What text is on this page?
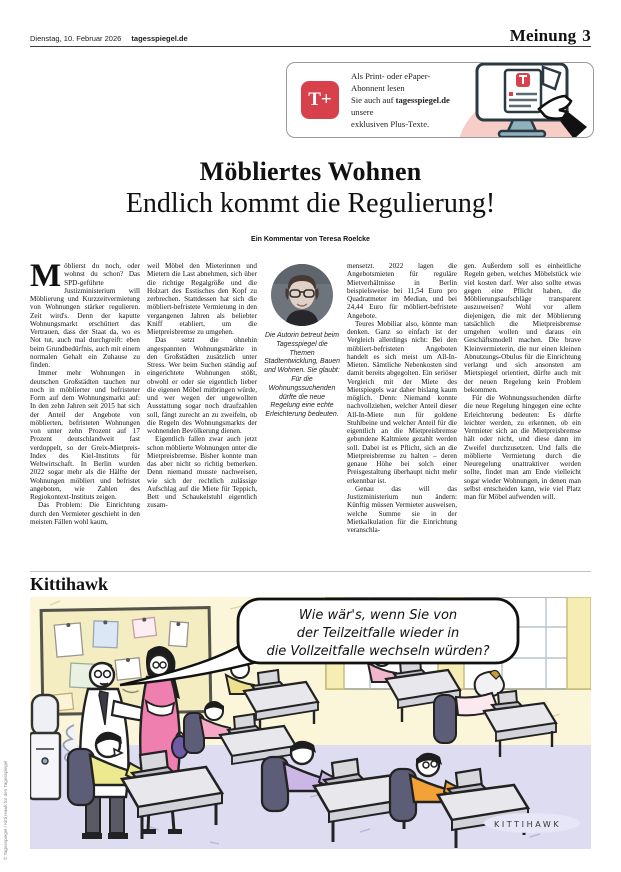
Dienstag, 10. Februar 2026 tagesspiegel.de	Meinung 3
T+

Als Print- oder ePaper-Abonnent lesen
Sie auch auf tagesspiegel.de unsere
exklusiven Plus-Texte.

Möbliertes Wohnen
Endlich kommt die Regulierung!

Ein Kommentar von Teresa Roelcke

Möblierst du noch, oder wohnst du schon? Das SPD-geführte Justizministerium will Möblierung und Kurzzeitvermietung von Wohnungen stärker regulieren. Zeit wird's. Denn der kaputte Wohnungsmarkt erschüttert das Vertrauen, dass der Staat da, wo es Not tut, auch mal durchgreift: eben beim Grundbedürfnis, auch mit einem normalen Gehalt ein Zuhause zu finden.

Immer mehr Wohnungen in deutschen Großstädten tauchen nur noch in möblierter und befristeter Form auf dem Wohnungsmarkt auf: In den zehn Jahren seit 2015 hat sich der Anteil der Angebote von möblierten, befristeten Wohnungen von unter zehn Prozent auf 17 Prozent deutschlandweit fast verdoppelt, so der Greix-Mietpreis-Index des Kiel-Instituts für Weltwirtschaft. In Berlin wurden 2022 sogar mehr als die Hälfte der Wohnungen möbliert und befristet angeboten, wie Zahlen des Regiokontext-Instituts zeigen.

Das Problem: Die Einrichtung durch den Vermieter geschieht in den meisten Fällen wohl kaum,

weil Möbel den Mieterinnen und Mietern die Last abnehmen, sich über die richtige Regalgröße und die Holzart des Esstisches den Kopf zu zerbrechen. Stattdessen hat sich die möbliert-befristete Vermietung in den vergangenen Jahren als beliebter Kniff etabliert, um die Mietpreisbremse zu umgehen.

Das setzt die ohnehin angespannten Wohnungsmärkte in den Großstädten zusätzlich unter Stress. Wer beim Suchen ständig auf eingerichtete Wohnungen stößt, obwohl er oder sie eigentlich lieber die eigenen Möbel mitbringen würde, und wer wegen der ungewollten Ausstattung sogar noch draufzahlen soll, fängt zurecht an zu zweifeln, ob die Regeln des Wohnungsmarkts der wohnenden Bevölkerung dienen.

Eigentlich fallen zwar auch jetzt schon möblierte Wohnungen unter die Mietpreisbremse. Bisher konnte man das aber nicht so richtig bemerken. Denn niemand musste nachweisen, wie sich der rechtlich zulässige Aufschlag auf die Miete für Teppich, Bett und Schaukelstuhl eigentlich zusam-

Die Autorin betreut beim Tagesspiegel die Themen Stadtentwicklung, Bauen und Wohnen. Sie glaubt: Für die Wohnungssuchenden dürfte die neue Regelung eine echte Erleichterung bedeuten.

mensetzt. 2022 lagen die Angebotsmieten für reguläre Mietverhältnisse in Berlin beispielsweise bei 11,54 Euro pro Quadratmeter im Median, und bei 24,44 Euro für möbliert-befristete Angebote.

Teures Mobiliar also, könnte man denken. Ganz so einfach ist der Vergleich allerdings nicht: Bei den möbliert-befristeten Angeboten handelt es sich meist um All-In-Mieten. Sämtliche Nebenkosten sind damit bereits abgegolten. Ein seriöser Vergleich mit der Miete des Mietspiegels war daher bislang kaum möglich. Denn: Niemand konnte nachvollziehen, welcher Anteil dieser All-In-Miete nun für goldene Stuhlbeine und welcher Anteil für die eigentlich an die Mietpreisbremse gebundene Kaltmiete gezahlt werden soll. Dabei ist es Pflicht, sich an die Mietpreisbremse zu halten – deren genaue Höhe bei solch einer Preisgestaltung überhaupt nicht mehr erkennbar ist.

Genau das will das Justizministerium nun ändern: Künftig müssen Vermieter ausweisen, welche Summe sie in der Mietkalkulation für die Einrichtung veranschla-

gen. Außerdem soll es einheitliche Regeln geben, welches Möbelstück wie viel kosten darf. Wer also sollte etwas gegen eine Pflicht haben, die Möblierungsaufschläge transparent auszuweisen? Wohl vor allem diejenigen, die mit der Möblierung tatsächlich die Mietpreisbremse umgehen wollen und daraus ein Geschäftsmodell machen. Die brave Kleinvermieterin, die nur einen kleinen Abnutzungs-Obulus für die Einrichtung verlangt und sich ansonsten am Mietspiegel orientiert, dürfte auch mit der neuen Regelung kein Problem bekommen.

Für die Wohnungssuchenden dürfte die neue Regelung hingegen eine echte Erleichterung bedeuten: Es dürfte leichter werden, zu erkennen, ob ein Vermieter sich an die Mietpreisbremse hält oder nicht, und diese dann im Zweifel durchzusetzen. Und falls die möblierte Vermietung durch die Neuregelung unattraktiver werden sollte, findet man am Ende vielleicht sogar wieder Wohnungen, in denen man selbst entscheiden kann, wie viel Platz man für Möbel aufwenden will.

Kittihawk
Wie wär's, wenn Sie von
der Teilzeitfalle wieder in
die Vollzeitfalle wechseln würden?
KITTIHAWK
© Tagesspiegel / Kitti Hawk für den Tagesspiegel
